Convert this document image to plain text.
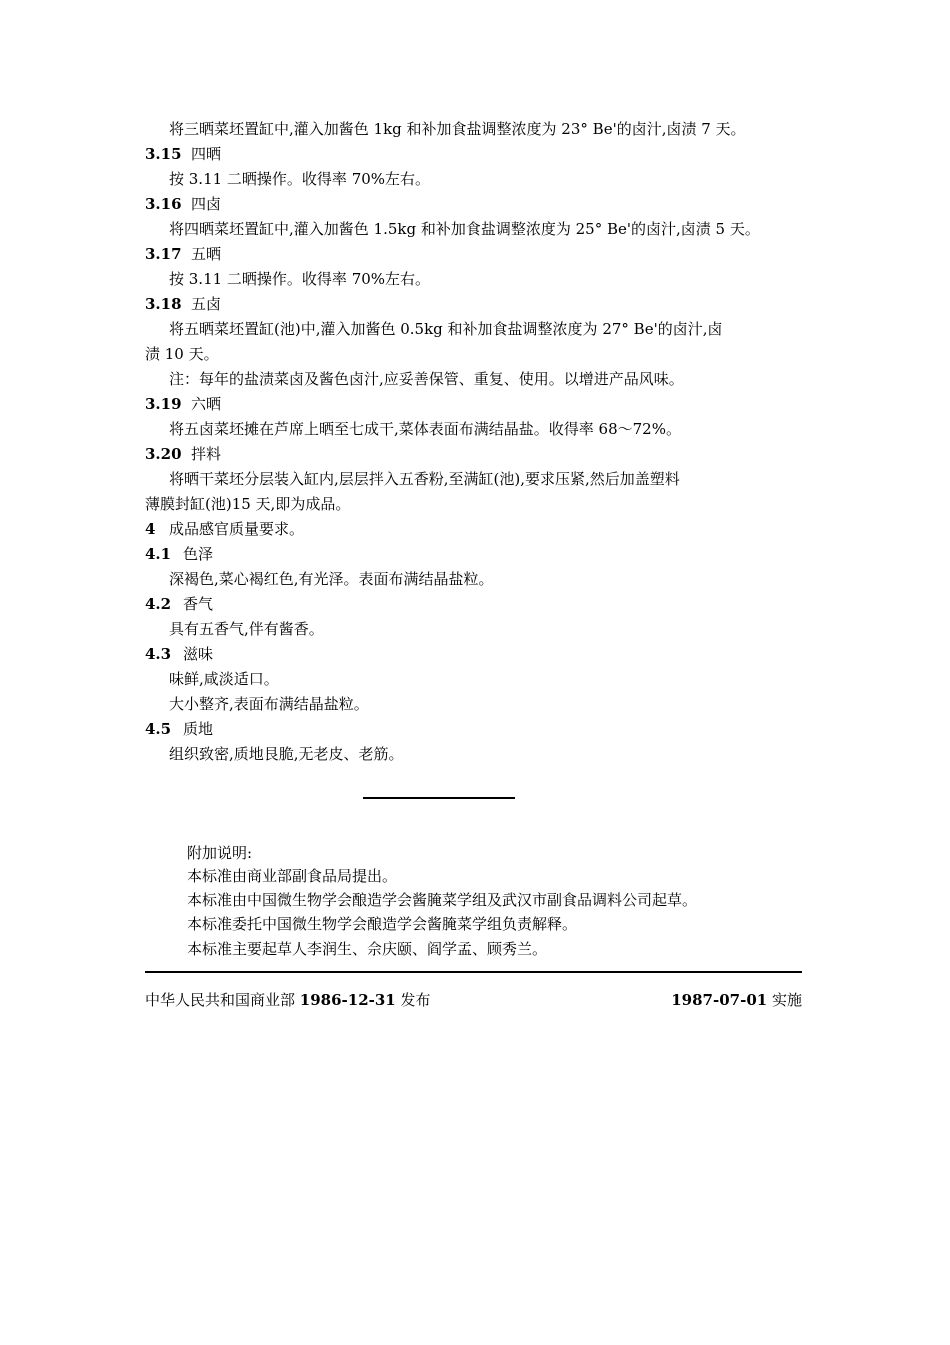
将三晒菜坯置缸中,灌入加酱色 1kg 和补加食盐调整浓度为 23° Be'的卤汁,卤渍 7 天。
3.15 四晒
按 3.11 二晒操作。收得率 70%左右。
3.16 四卤
将四晒菜坯置缸中,灌入加酱色 1.5kg 和补加食盐调整浓度为 25° Be'的卤汁,卤渍 5 天。
3.17 五晒
按 3.11 二晒操作。收得率 70%左右。
3.18 五卤
将五晒菜坯置缸(池)中,灌入加酱色 0.5kg 和补加食盐调整浓度为 27° Be'的卤汁,卤
渍 10 天。
注：每年的盐渍菜卤及酱色卤汁,应妥善保管、重复、使用。以增进产品风味。
3.19 六晒
将五卤菜坯摊在芦席上晒至七成干,菜体表面布满结晶盐。收得率 68～72%。
3.20 拌料
将晒干菜坯分层装入缸内,层层拌入五香粉,至满缸(池),要求压紧,然后加盖塑料
薄膜封缸(池)15 天,即为成品。
4 成品感官质量要求。
4.1 色泽
深褐色,菜心褐红色,有光泽。表面布满结晶盐粒。
4.2 香气
具有五香气,伴有酱香。
4.3 滋味
味鲜,咸淡适口。
大小整齐,表面布满结晶盐粒。
4.5 质地
组织致密,质地艮脆,无老皮、老筋。
附加说明:
本标准由商业部副食品局提出。
本标准由中国微生物学会酿造学会酱腌菜学组及武汉市副食品调料公司起草。
本标准委托中国微生物学会酿造学会酱腌菜学组负责解释。
本标准主要起草人李润生、佘庆颐、阎学孟、顾秀兰。
中华人民共和国商业部 1986-12-31 发布	1987-07-01 实施
